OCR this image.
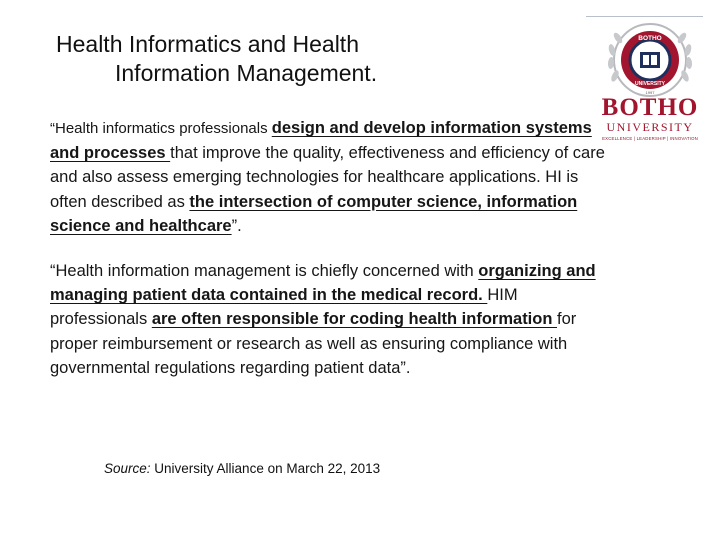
Health Informatics and Health
Information Management.
BOTHO
UNIVERSITY
1997
BOTHO
UNIVERSITY
EXCELLENCE | LEADERSHIP | INNOVATION
“Health informatics professionals design and develop information systems and processes that improve the quality, effectiveness and efficiency of care and also assess emerging technologies for healthcare applications. HI is often described as the intersection of computer science, information science and healthcare”.
“Health information management is chiefly concerned with organizing and managing patient data contained in the medical record. HIM professionals are often responsible for coding health information for proper reimbursement or research as well as ensuring compliance with governmental regulations regarding patient data”.
Source: University Alliance on March 22, 2013
